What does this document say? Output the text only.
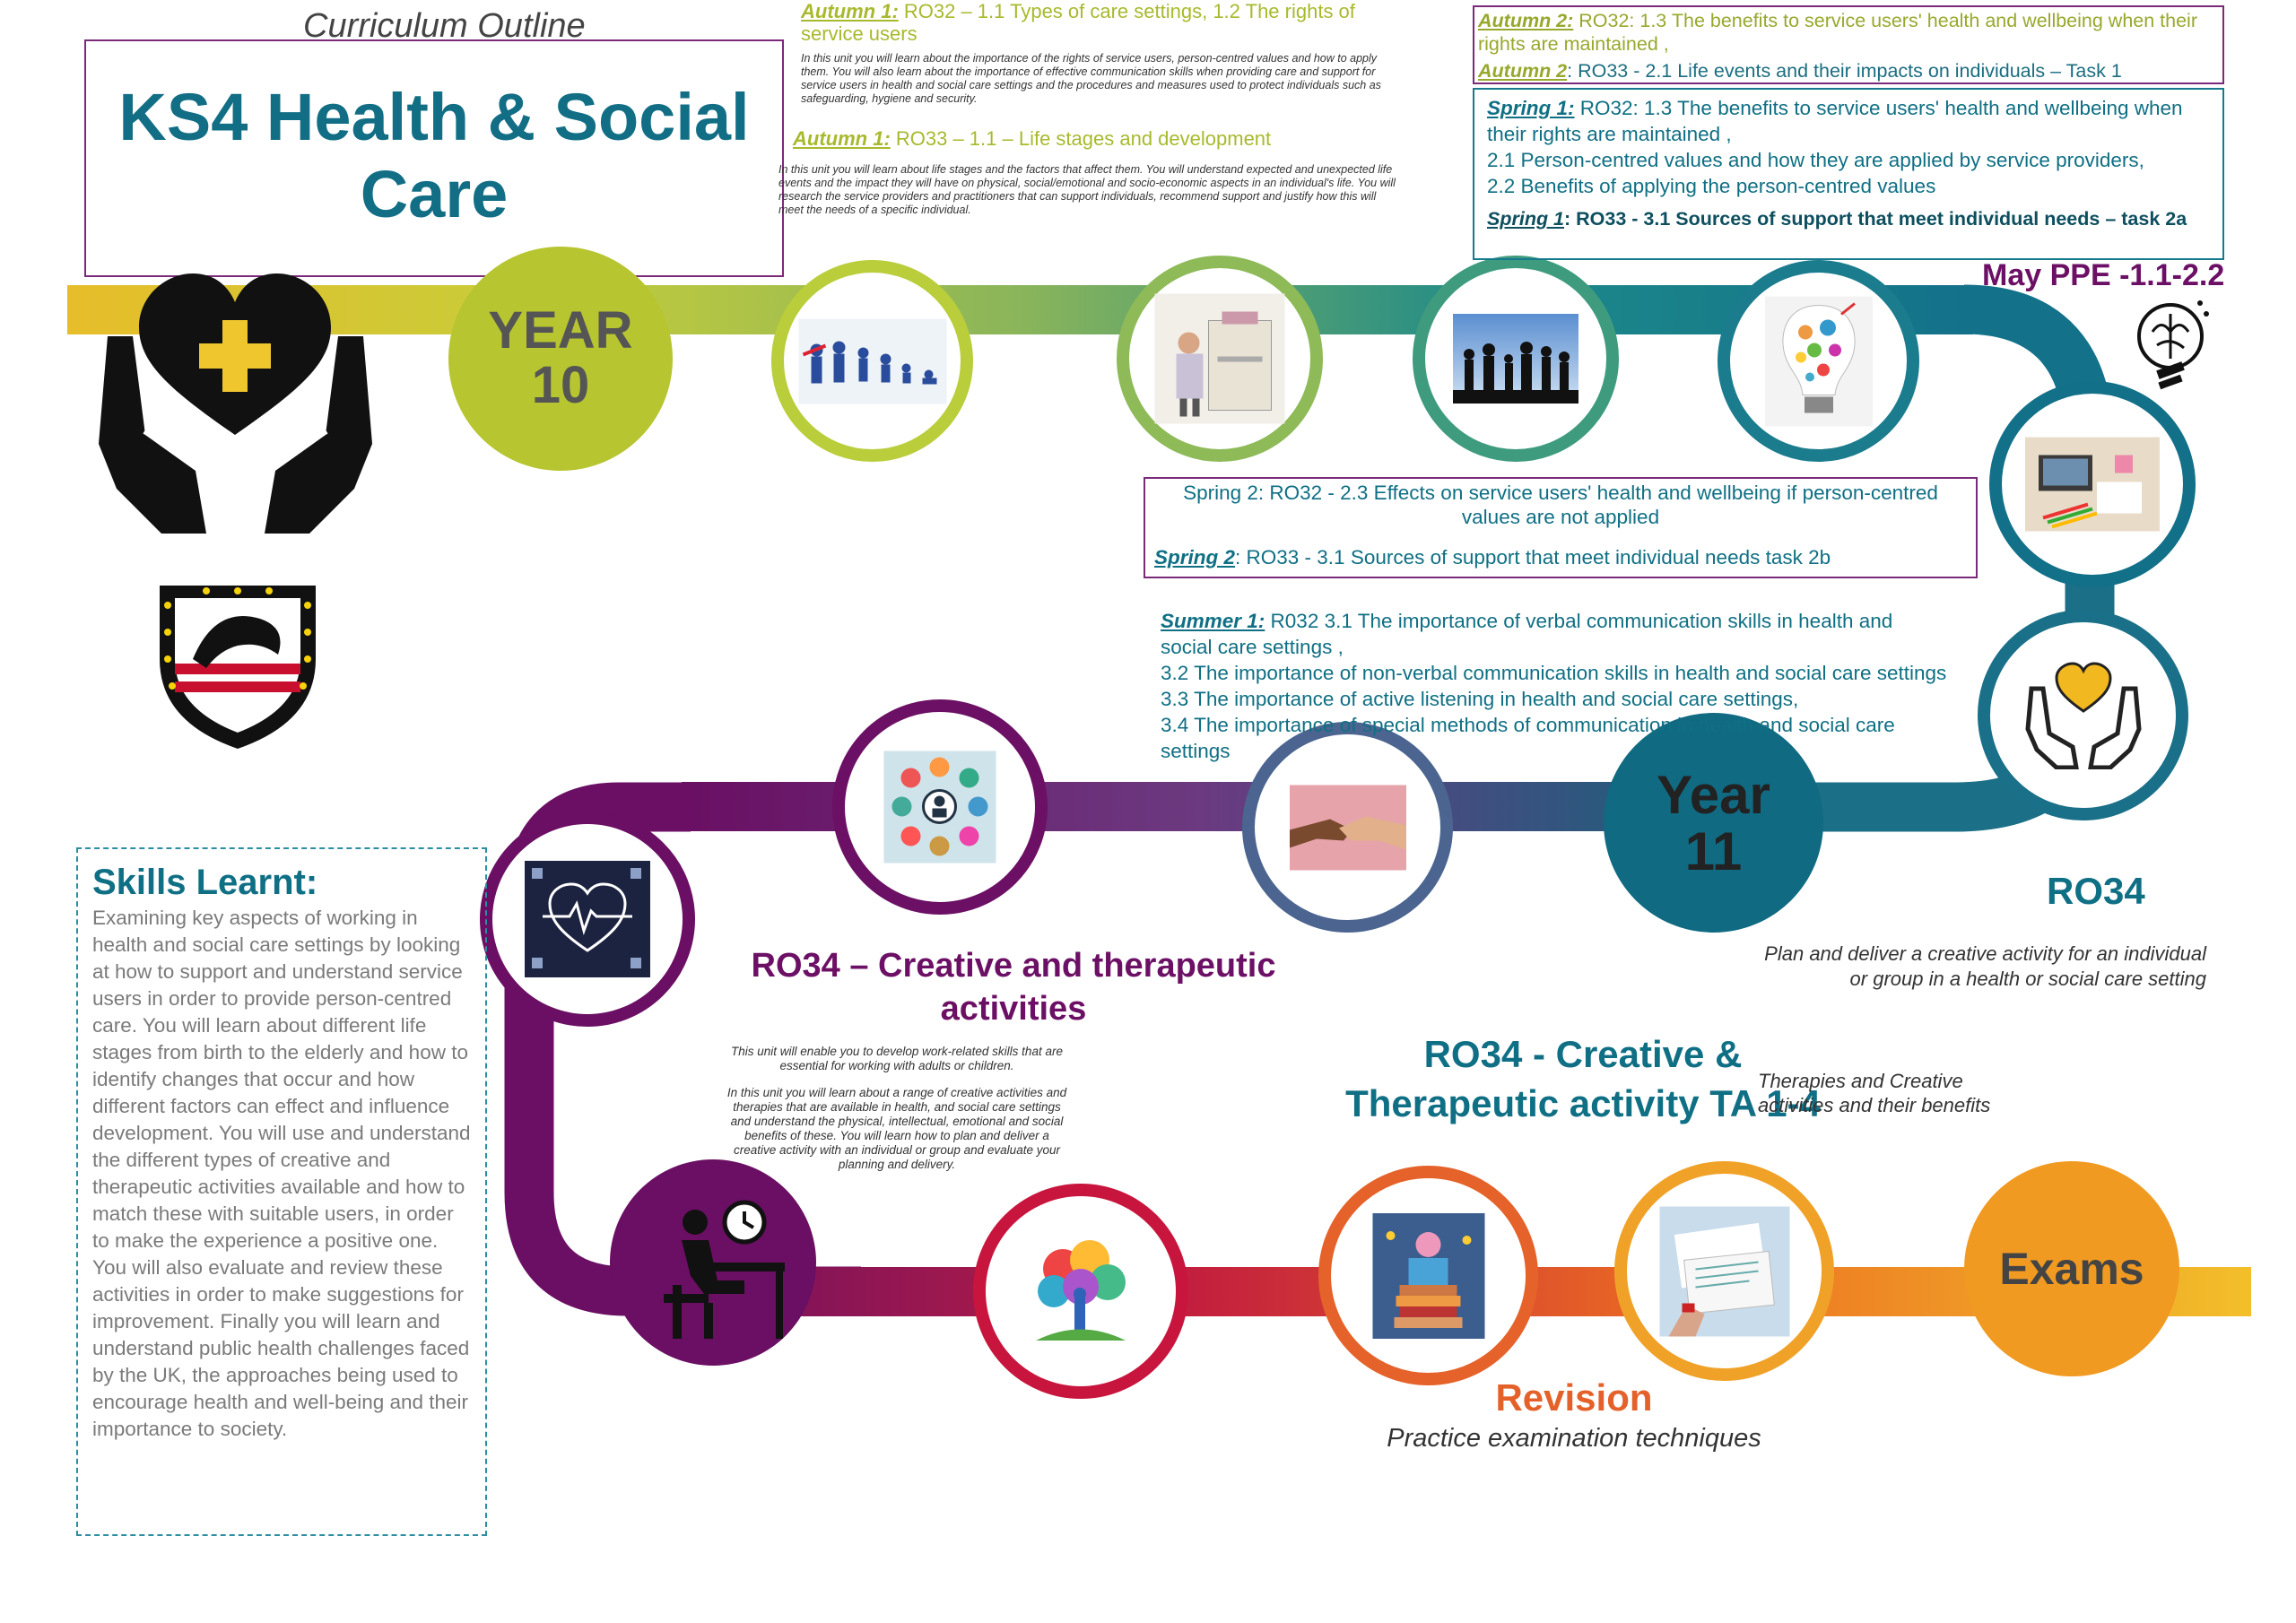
Curriculum Outline
KS4 Health & Social
Care
YEAR
10
Year
11
Exams
Autumn 1: RO32 – 1.1 Types of care settings, 1.2 The rights of service users
In this unit you will learn about the importance of the rights of service users, person-centred values and how to apply them. You will also learn about the importance of effective communication skills when providing care and support for service users in health and social care settings and the procedures and measures used to protect individuals such as safeguarding, hygiene and security.
Autumn 1: RO33 – 1.1 – Life stages and development
In this unit you will learn about life stages and the factors that affect them. You will understand expected and unexpected life events and the impact they will have on physical, social/emotional and socio-economic aspects in an individual's life. You will research the service providers and practitioners that can support individuals, recommend support and justify how this will meet the needs of a specific individual.
Autumn 2: RO32: 1.3 The benefits to service users' health and wellbeing when their rights are maintained ,
Autumn 2: RO33 - 2.1 Life events and their impacts on individuals – Task 1
Spring 1: RO32: 1.3 The benefits to service users' health and wellbeing when their rights are maintained ,
2.1 Person-centred values and how they are applied by service providers,
2.2 Benefits of applying the person-centred values
Spring 1: RO33 - 3.1 Sources of support that meet individual needs – task 2a
May PPE -1.1-2.2
Spring 2: RO32 - 2.3 Effects on service users' health and wellbeing if person-centred values are not applied
Spring 2: RO33 - 3.1 Sources of support that meet individual needs task 2b
Summer 1: R032 3.1 The importance of verbal communication skills in health and social care settings ,
3.2 The importance of non-verbal communication skills in health and social care settings
3.3 The importance of active listening in health and social care settings,
3.4 The importance of special methods of communication in health and social care settings
RO34
Plan and deliver a creative activity for an individual or group in a health or social care setting
RO34 – Creative and therapeutic
activities
This unit will enable you to develop work-related skills that are essential for working with adults or children.
In this unit you will learn about a range of creative activities and therapies that are available in health, and social care settings and understand the physical, intellectual, emotional and social benefits of these. You will learn how to plan and deliver a creative activity with an individual or group and evaluate your planning and delivery.
RO34 - Creative &
Therapeutic activity TA 1-4
Therapies and Creative activities and their benefits
Revision
Practice examination techniques
Skills Learnt:
Examining key aspects of working in health and social care settings by looking at how to support and understand service users in order to provide person-centred care. You will learn about different life stages from birth to the elderly and how to identify changes that occur and how different factors can effect and influence development. You will use and understand the different types of creative and therapeutic activities available and how to match these with suitable users, in order to make the experience a positive one. You will also evaluate and review these activities in order to make suggestions for improvement. Finally you will learn and understand public health challenges faced by the UK, the approaches being used to encourage health and well-being and their importance to society.
